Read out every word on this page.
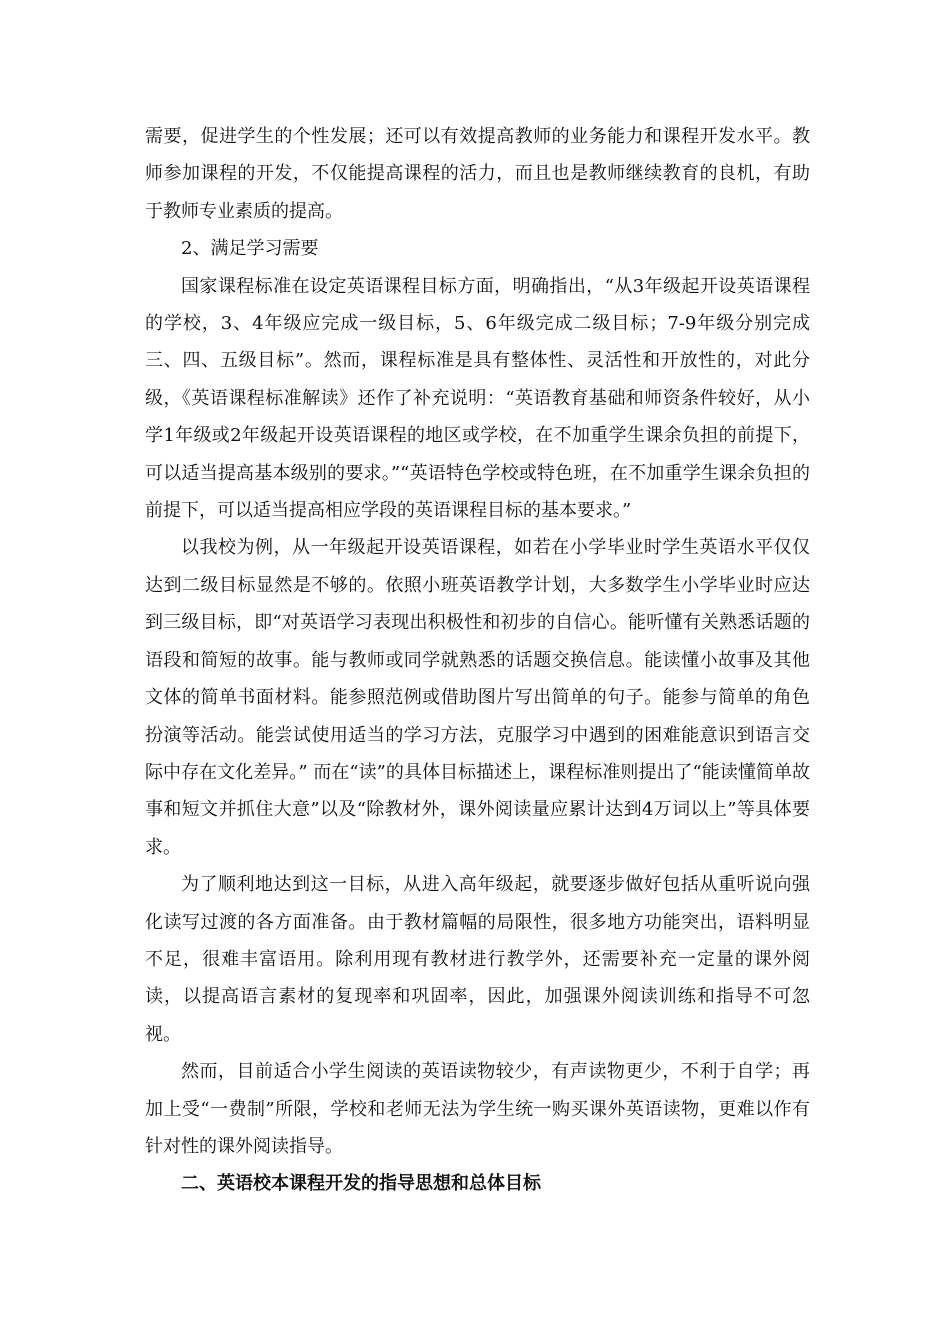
需要，促进学生的个性发展；还可以有效提高教师的业务能力和课程开发水平。教师参加课程的开发，不仅能提高课程的活力，而且也是教师继续教育的良机，有助于教师专业素质的提高。

2、满足学习需要

国家课程标准在设定英语课程目标方面，明确指出，“从3年级起开设英语课程的学校，3、4年级应完成一级目标，5、6年级完成二级目标；7-9年级分别完成三、四、五级目标”。然而，课程标准是具有整体性、灵活性和开放性的，对此分级，《英语课程标准解读》还作了补充说明：“英语教育基础和师资条件较好，从小学1年级或2年级起开设英语课程的地区或学校，在不加重学生课余负担的前提下，可以适当提高基本级别的要求。”“英语特色学校或特色班，在不加重学生课余负担的前提下，可以适当提高相应学段的英语课程目标的基本要求。”

以我校为例，从一年级起开设英语课程，如若在小学毕业时学生英语水平仅仅达到二级目标显然是不够的。依照小班英语教学计划，大多数学生小学毕业时应达到三级目标，即“对英语学习表现出积极性和初步的自信心。能听懂有关熟悉话题的语段和简短的故事。能与教师或同学就熟悉的话题交换信息。能读懂小故事及其他文体的简单书面材料。能参照范例或借助图片写出简单的句子。能参与简单的角色扮演等活动。能尝试使用适当的学习方法，克服学习中遇到的困难能意识到语言交际中存在文化差异。” 而在“读”的具体目标描述上，课程标准则提出了“能读懂简单故事和短文并抓住大意”以及“除教材外，课外阅读量应累计达到4万词以上”等具体要求。

为了顺利地达到这一目标，从进入高年级起，就要逐步做好包括从重听说向强化读写过渡的各方面准备。由于教材篇幅的局限性，很多地方功能突出，语料明显不足，很难丰富语用。除利用现有教材进行教学外，还需要补充一定量的课外阅读，以提高语言素材的复现率和巩固率，因此，加强课外阅读训练和指导不可忽视。

然而，目前适合小学生阅读的英语读物较少，有声读物更少，不利于自学；再加上受“一费制”所限，学校和老师无法为学生统一购买课外英语读物，更难以作有针对性的课外阅读指导。

二、英语校本课程开发的指导思想和总体目标
